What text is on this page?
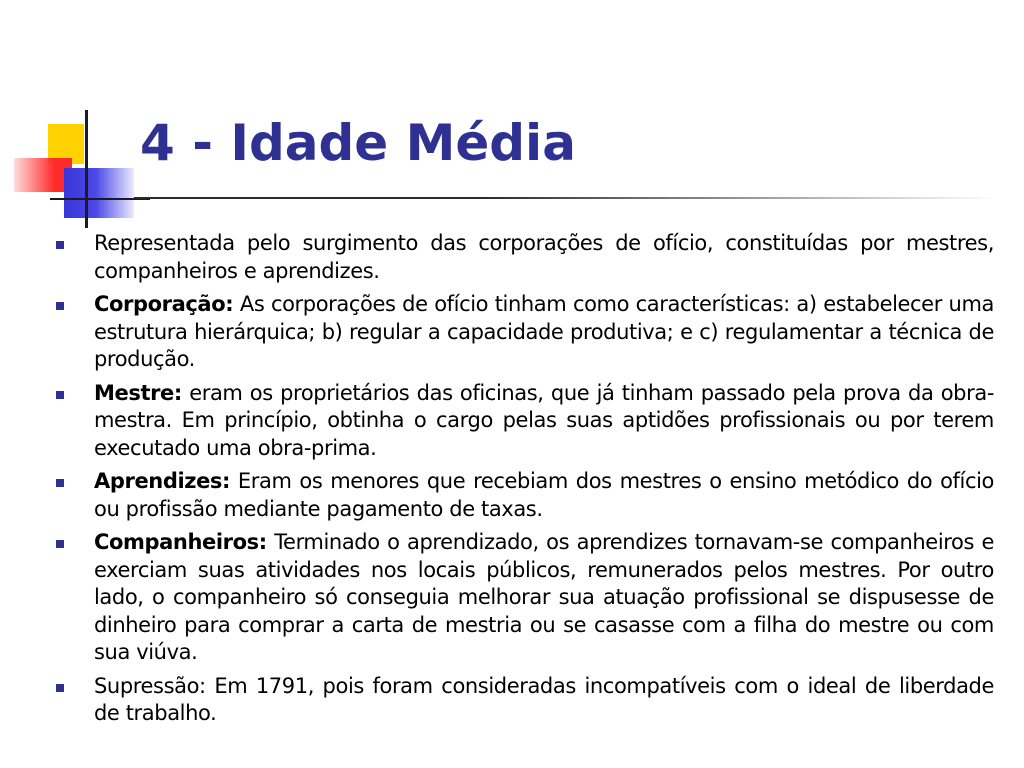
4 - Idade Média
Representada pelo surgimento das corporações de ofício, constituídas por mestres, companheiros e aprendizes.
Corporação: As corporações de ofício tinham como características: a) estabelecer uma estrutura hierárquica; b) regular a capacidade produtiva; e c) regulamentar a técnica de produção.
Mestre: eram os proprietários das oficinas, que já tinham passado pela prova da obra-mestra. Em princípio, obtinha o cargo pelas suas aptidões profissionais ou por terem executado uma obra-prima.
Aprendizes: Eram os menores que recebiam dos mestres o ensino metódico do ofício ou profissão mediante pagamento de taxas.
Companheiros: Terminado o aprendizado, os aprendizes tornavam-se companheiros e exerciam suas atividades nos locais públicos, remunerados pelos mestres. Por outro lado, o companheiro só conseguia melhorar sua atuação profissional se dispusesse de dinheiro para comprar a carta de mestria ou se casasse com a filha do mestre ou com sua viúva.
Supressão: Em 1791, pois foram consideradas incompatíveis com o ideal de liberdade de trabalho.
